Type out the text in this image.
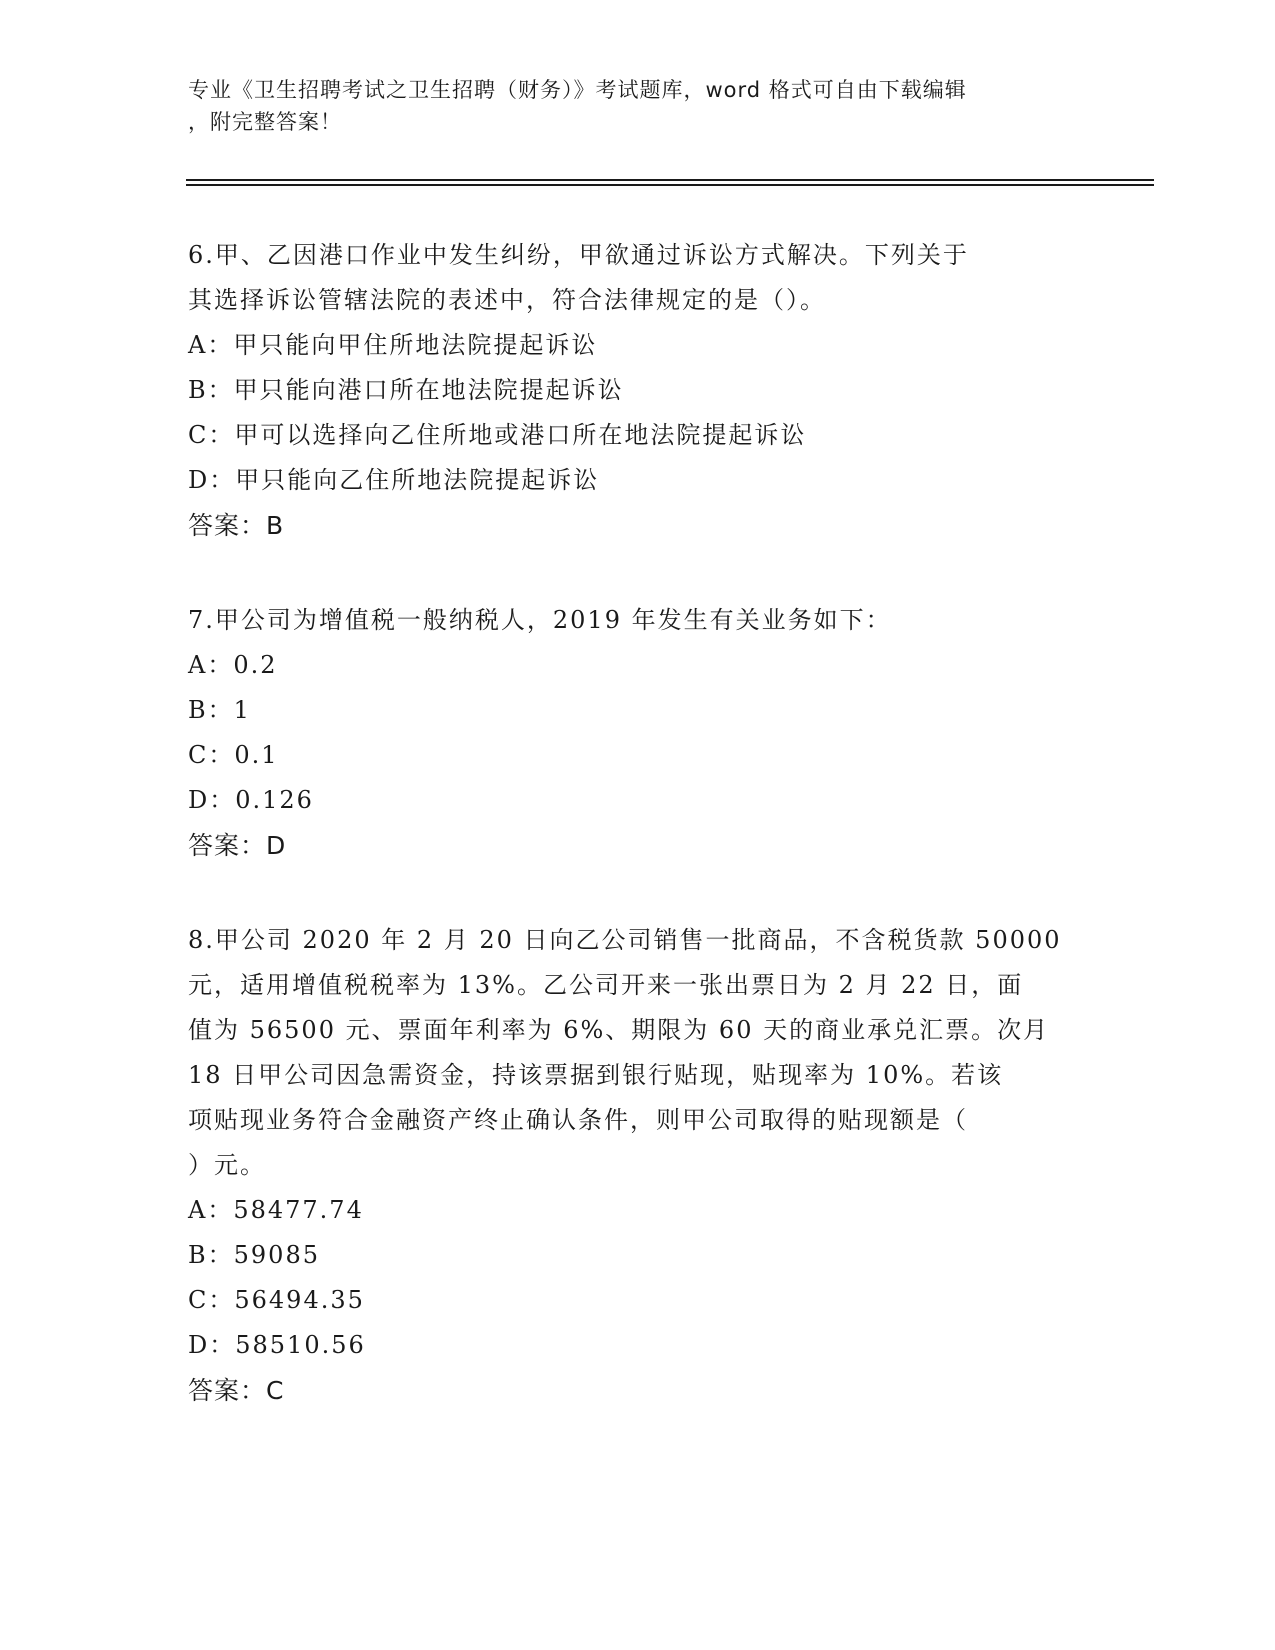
专业《卫生招聘考试之卫生招聘（财务）》考试题库，word 格式可自由下载编辑
，附完整答案！

6.甲、乙因港口作业中发生纠纷，甲欲通过诉讼方式解决。下列关于

其选择诉讼管辖法院的表述中，符合法律规定的是（）。

A：甲只能向甲住所地法院提起诉讼

B：甲只能向港口所在地法院提起诉讼

C：甲可以选择向乙住所地或港口所在地法院提起诉讼

D：甲只能向乙住所地法院提起诉讼

答案：B

7.甲公司为增值税一般纳税人，2019 年发生有关业务如下：

A：0.2

B：1

C：0.1

D：0.126

答案：D

8.甲公司 2020 年 2 月 20 日向乙公司销售一批商品，不含税货款 50000

元，适用增值税税率为 13%。乙公司开来一张出票日为 2 月 22 日，面

值为 56500 元、票面年利率为 6%、期限为 60 天的商业承兑汇票。次月

18 日甲公司因急需资金，持该票据到银行贴现，贴现率为 10%。若该

项贴现业务符合金融资产终止确认条件，则甲公司取得的贴现额是（

）元。

A：58477.74

B：59085

C：56494.35

D：58510.56

答案：C
